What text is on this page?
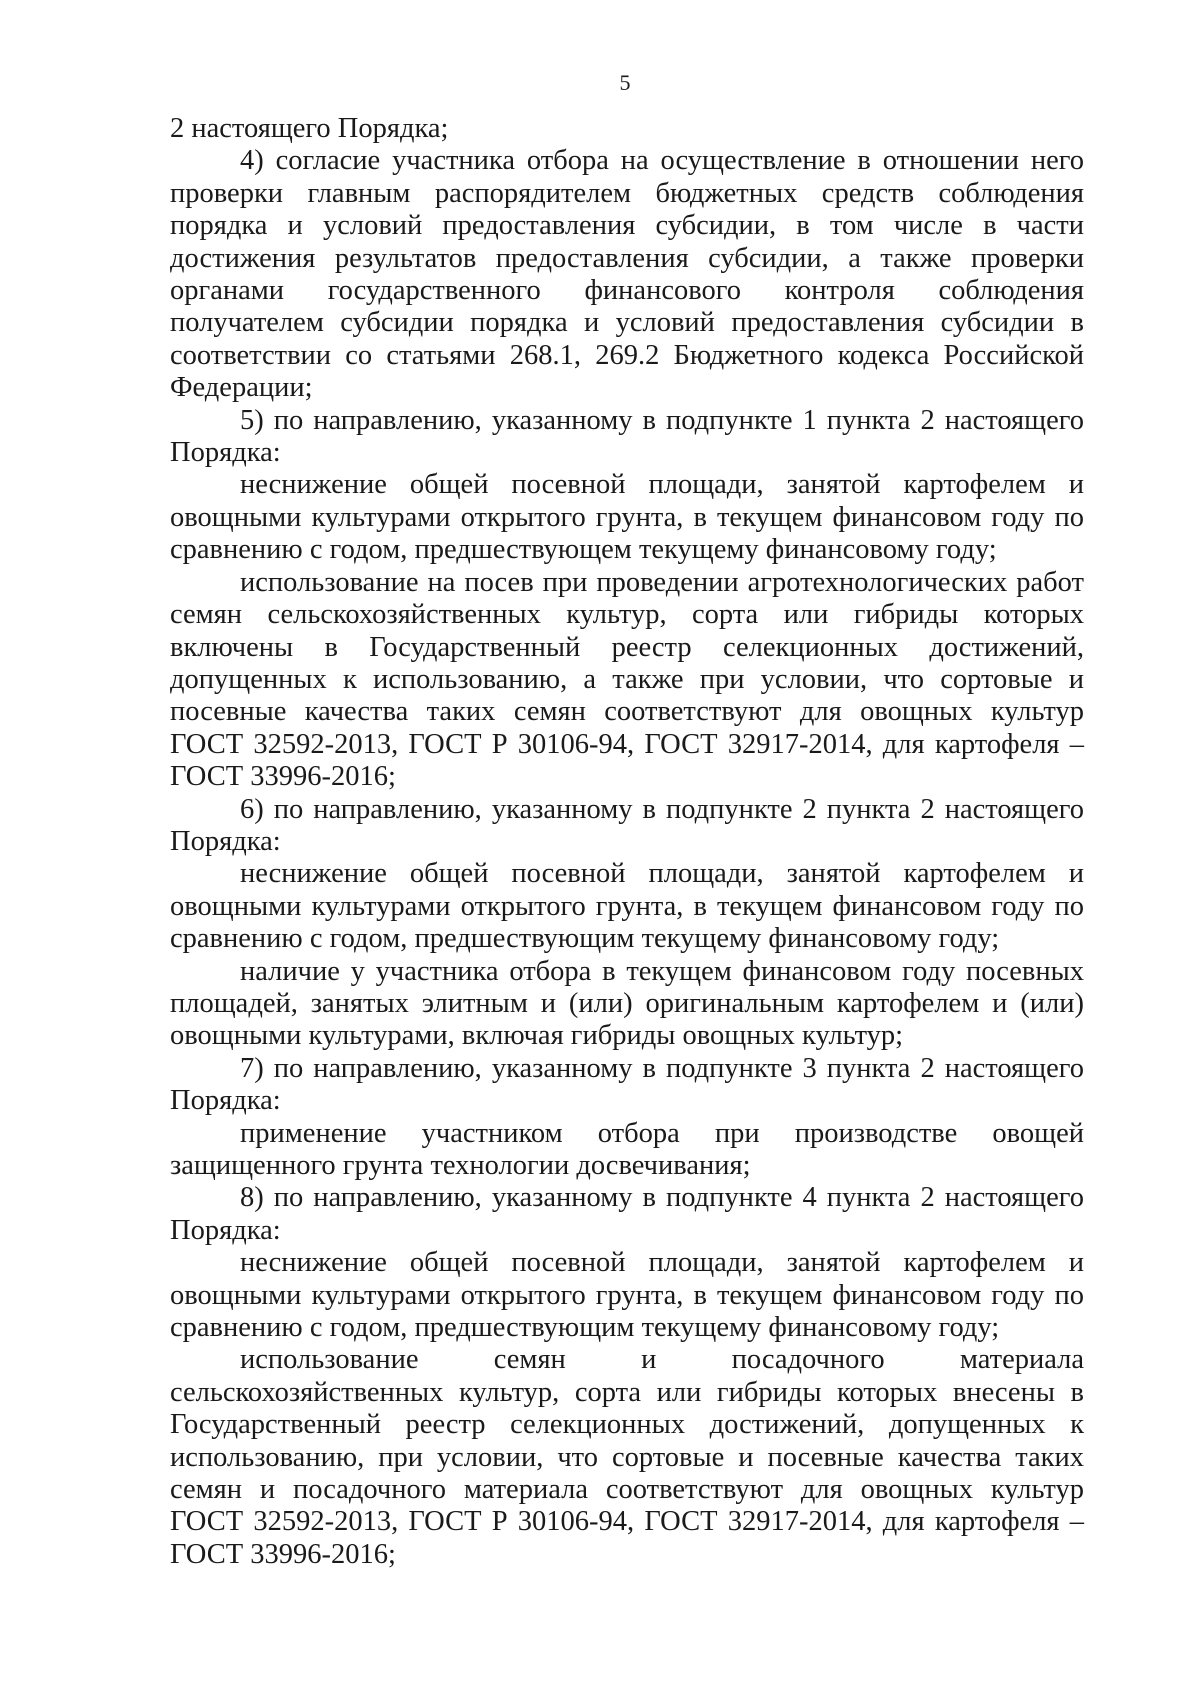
5

2 настоящего Порядка;

4) согласие участника отбора на осуществление в отношении него проверки главным распорядителем бюджетных средств соблюдения порядка и условий предоставления субсидии, в том числе в части достижения результатов предоставления субсидии, а также проверки органами государственного финансового контроля соблюдения получателем субсидии порядка и условий предоставления субсидии в соответствии со статьями 268.1, 269.2 Бюджетного кодекса Российской Федерации;

5) по направлению, указанному в подпункте 1 пункта 2 настоящего Порядка:

неснижение общей посевной площади, занятой картофелем и овощными культурами открытого грунта, в текущем финансовом году по сравнению с годом, предшествующем текущему финансовому году;

использование на посев при проведении агротехнологических работ семян сельскохозяйственных культур, сорта или гибриды которых включены в Государственный реестр селекционных достижений, допущенных к использованию, а также при условии, что сортовые и посевные качества таких семян соответствуют для овощных культур ГОСТ 32592-2013, ГОСТ Р 30106-94, ГОСТ 32917-2014, для картофеля – ГОСТ 33996-2016;

6) по направлению, указанному в подпункте 2 пункта 2 настоящего Порядка:

неснижение общей посевной площади, занятой картофелем и овощными культурами открытого грунта, в текущем финансовом году по сравнению с годом, предшествующим текущему финансовому году;

наличие у участника отбора в текущем финансовом году посевных площадей, занятых элитным и (или) оригинальным картофелем и (или) овощными культурами, включая гибриды овощных культур;

7) по направлению, указанному в подпункте 3 пункта 2 настоящего Порядка:

применение участником отбора при производстве овощей защищенного грунта технологии досвечивания;

8) по направлению, указанному в подпункте 4 пункта 2 настоящего Порядка:

неснижение общей посевной площади, занятой картофелем и овощными культурами открытого грунта, в текущем финансовом году по сравнению с годом, предшествующим текущему финансовому году;

использование семян и посадочного материала сельскохозяйственных культур, сорта или гибриды которых внесены в Государственный реестр селекционных достижений, допущенных к использованию, при условии, что сортовые и посевные качества таких семян и посадочного материала соответствуют для овощных культур ГОСТ 32592-2013, ГОСТ Р 30106-94, ГОСТ 32917-2014, для картофеля – ГОСТ 33996-2016;
